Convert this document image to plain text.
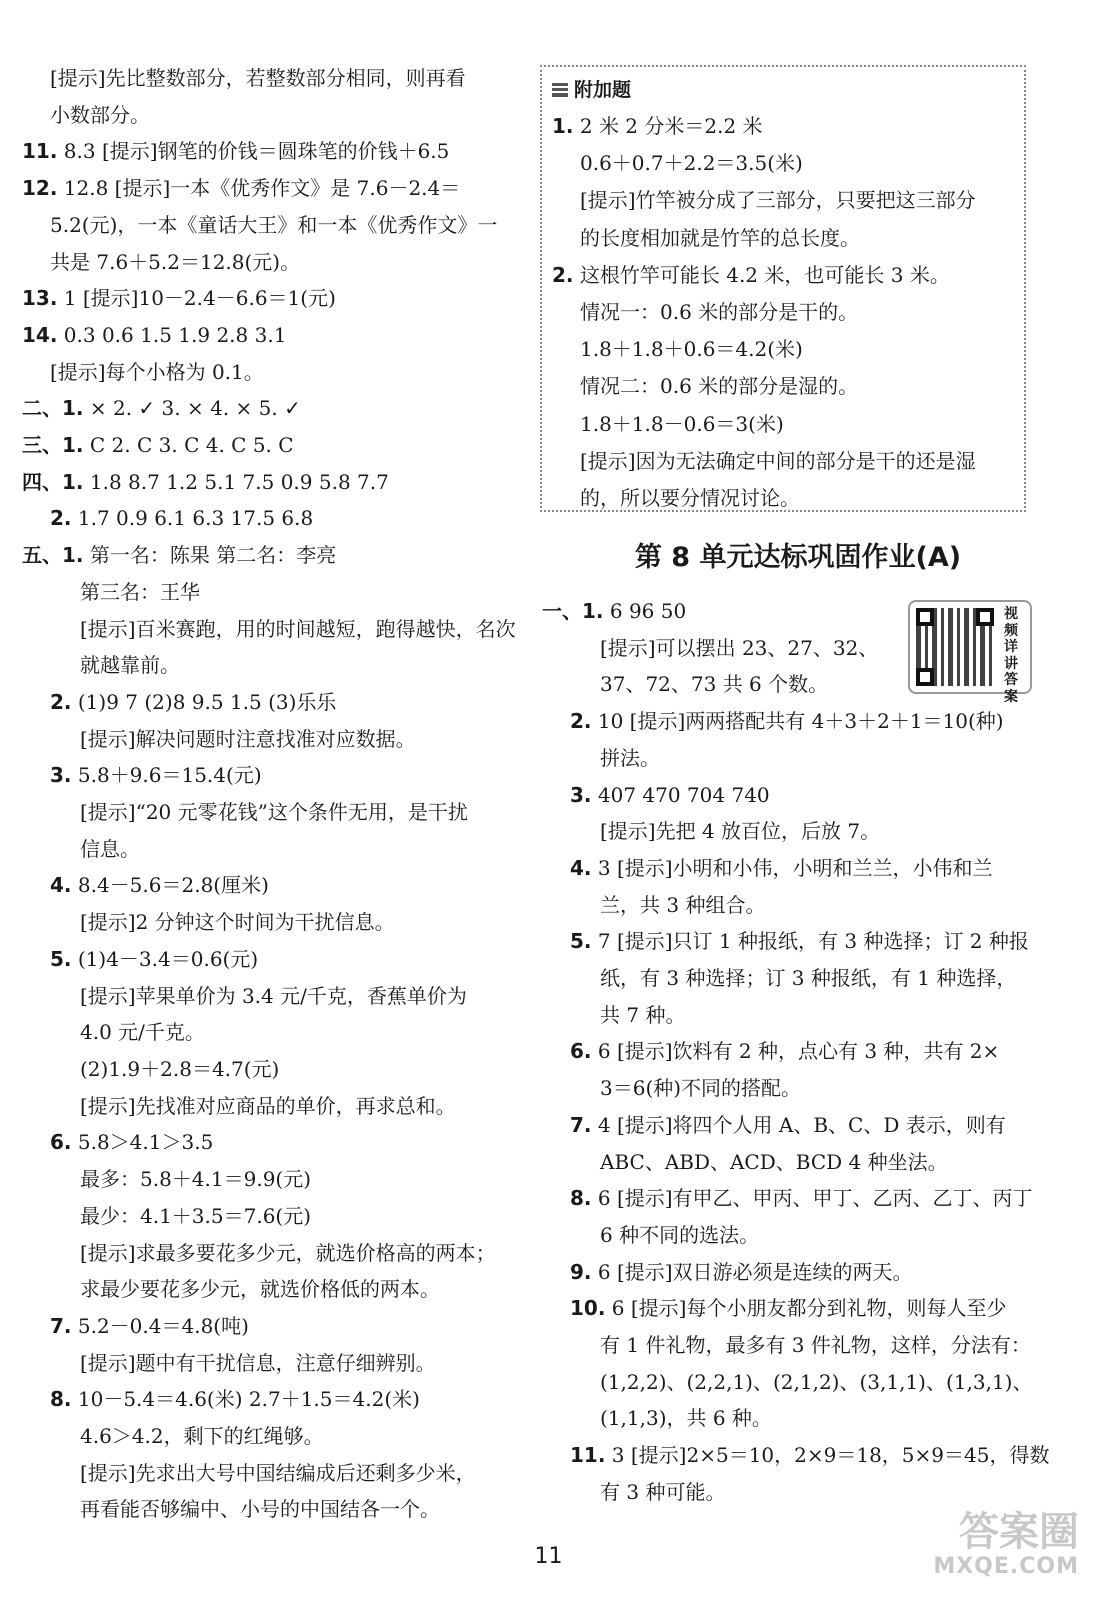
[提示]先比整数部分，若整数部分相同，则再看
小数部分。
11. 8.3 [提示]钢笔的价钱＝圆珠笔的价钱＋6.5
12. 12.8 [提示]一本《优秀作文》是 7.6－2.4＝
5.2(元)，一本《童话大王》和一本《优秀作文》一
共是 7.6＋5.2＝12.8(元)。
13. 1 [提示]10－2.4－6.6＝1(元)
14. 0.3 0.6 1.5 1.9 2.8 3.1
[提示]每个小格为 0.1。
二、1. × 2. ✓ 3. × 4. × 5. ✓
三、1. C 2. C 3. C 4. C 5. C
四、1. 1.8 8.7 1.2 5.1 7.5 0.9 5.8 7.7
2. 1.7 0.9 6.1 6.3 17.5 6.8
五、1. 第一名：陈果 第二名：李亮
第三名：王华
[提示]百米赛跑，用的时间越短，跑得越快，名次
就越靠前。
2. (1)9 7 (2)8 9.5 1.5 (3)乐乐
[提示]解决问题时注意找准对应数据。
3. 5.8＋9.6＝15.4(元)
[提示]“20 元零花钱”这个条件无用，是干扰
信息。
4. 8.4－5.6＝2.8(厘米)
[提示]2 分钟这个时间为干扰信息。
5. (1)4－3.4＝0.6(元)
[提示]苹果单价为 3.4 元/千克，香蕉单价为
4.0 元/千克。
(2)1.9＋2.8＝4.7(元)
[提示]先找准对应商品的单价，再求总和。
6. 5.8＞4.1＞3.5
最多：5.8＋4.1＝9.9(元)
最少：4.1＋3.5＝7.6(元)
[提示]求最多要花多少元，就选价格高的两本；
求最少要花多少元，就选价格低的两本。
7. 5.2－0.4＝4.8(吨)
[提示]题中有干扰信息，注意仔细辨别。
8. 10－5.4＝4.6(米) 2.7＋1.5＝4.2(米)
4.6＞4.2，剩下的红绳够。
[提示]先求出大号中国结编成后还剩多少米，
再看能否够编中、小号的中国结各一个。
附加题
1. 2 米 2 分米＝2.2 米
0.6＋0.7＋2.2＝3.5(米)
[提示]竹竿被分成了三部分，只要把这三部分
的长度相加就是竹竿的总长度。
2. 这根竹竿可能长 4.2 米，也可能长 3 米。
情况一：0.6 米的部分是干的。
1.8＋1.8＋0.6＝4.2(米)
情况二：0.6 米的部分是湿的。
1.8＋1.8－0.6＝3(米)
[提示]因为无法确定中间的部分是干的还是湿
的，所以要分情况讨论。
第 8 单元达标巩固作业(A)
视频详讲答案
一、1. 6 96 50
[提示]可以摆出 23、27、32、
37、72、73 共 6 个数。
2. 10 [提示]两两搭配共有 4＋3＋2＋1＝10(种)
拼法。
3. 407 470 704 740
[提示]先把 4 放百位，后放 7。
4. 3 [提示]小明和小伟，小明和兰兰，小伟和兰
兰，共 3 种组合。
5. 7 [提示]只订 1 种报纸，有 3 种选择；订 2 种报
纸，有 3 种选择；订 3 种报纸，有 1 种选择，
共 7 种。
6. 6 [提示]饮料有 2 种，点心有 3 种，共有 2×
3＝6(种)不同的搭配。
7. 4 [提示]将四个人用 A、B、C、D 表示，则有
ABC、ABD、ACD、BCD 4 种坐法。
8. 6 [提示]有甲乙、甲丙、甲丁、乙丙、乙丁、丙丁
6 种不同的选法。
9. 6 [提示]双日游必须是连续的两天。
10. 6 [提示]每个小朋友都分到礼物，则每人至少
有 1 件礼物，最多有 3 件礼物，这样，分法有：
(1,2,2)、(2,2,1)、(2,1,2)、(3,1,1)、(1,3,1)、
(1,1,3)，共 6 种。
11. 3 [提示]2×5＝10，2×9＝18，5×9＝45，得数
有 3 种可能。
11
答案圈
MXQE.COM
